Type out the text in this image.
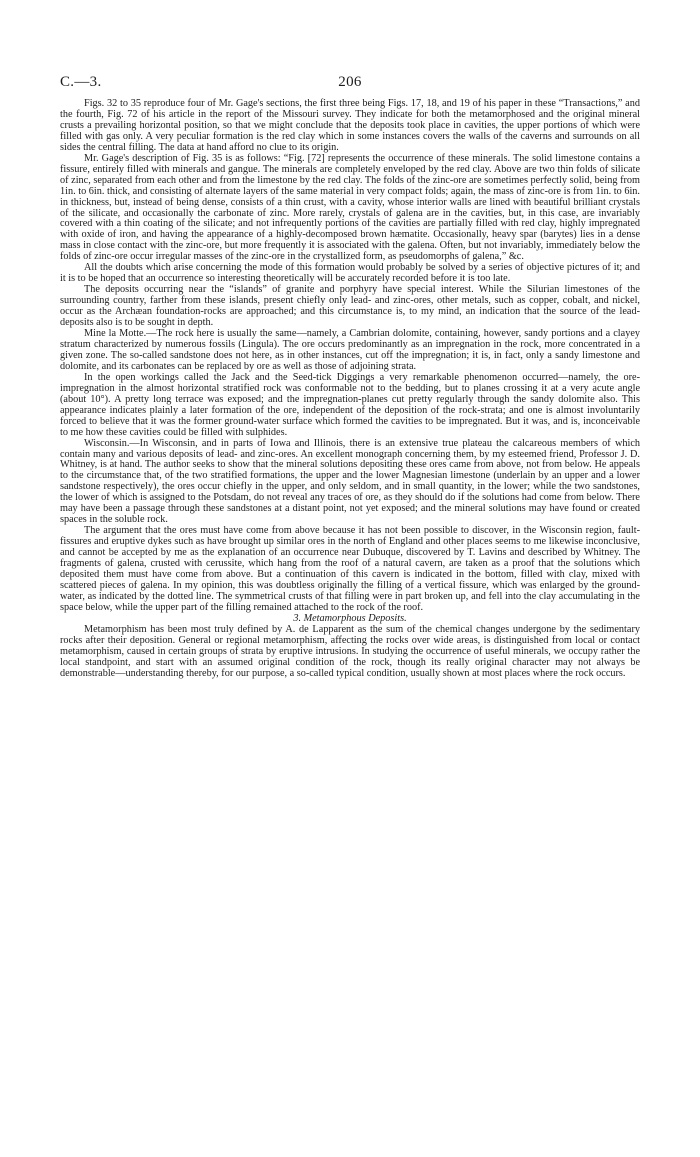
C.—3.	206

Figs. 32 to 35 reproduce four of Mr. Gage's sections, the first three being Figs. 17, 18, and 19 of his paper in these “Transactions,” and the fourth, Fig. 72 of his article in the report of the Missouri survey. They indicate for both the metamorphosed and the original mineral crusts a prevailing horizontal position, so that we might conclude that the deposits took place in cavities, the upper portions of which were filled with gas only. A very peculiar formation is the red clay which in some instances covers the walls of the caverns and surrounds on all sides the central filling. The data at hand afford no clue to its origin.

Mr. Gage's description of Fig. 35 is as follows: “Fig. [72] represents the occurrence of these minerals. The solid limestone contains a fissure, entirely filled with minerals and gangue. The minerals are completely enveloped by the red clay. Above are two thin folds of silicate of zinc, separated from each other and from the limestone by the red clay. The folds of the zinc-ore are sometimes perfectly solid, being from 1in. to 6in. thick, and consisting of alternate layers of the same material in very compact folds; again, the mass of zinc-ore is from 1in. to 6in. in thickness, but, instead of being dense, consists of a thin crust, with a cavity, whose interior walls are lined with beautiful brilliant crystals of the silicate, and occasionally the carbonate of zinc. More rarely, crystals of galena are in the cavities, but, in this case, are invariably covered with a thin coating of the silicate; and not infrequently portions of the cavities are partially filled with red clay, highly impregnated with oxide of iron, and having the appearance of a highly-decomposed brown hæmatite. Occasionally, heavy spar (barytes) lies in a dense mass in close contact with the zinc-ore, but more frequently it is associated with the galena. Often, but not invariably, immediately below the folds of zinc-ore occur irregular masses of the zinc-ore in the crystallized form, as pseudomorphs of galena,” &c.

All the doubts which arise concerning the mode of this formation would probably be solved by a series of objective pictures of it; and it is to be hoped that an occurrence so interesting theoretically will be accurately recorded before it is too late.

The deposits occurring near the “islands” of granite and porphyry have special interest. While the Silurian limestones of the surrounding country, farther from these islands, present chiefly only lead- and zinc-ores, other metals, such as copper, cobalt, and nickel, occur as the Archæan foundation-rocks are approached; and this circumstance is, to my mind, an indication that the source of the lead-deposits also is to be sought in depth.

Mine la Motte.—The rock here is usually the same—namely, a Cambrian dolomite, containing, however, sandy portions and a clayey stratum characterized by numerous fossils (Lingula). The ore occurs predominantly as an impregnation in the rock, more concentrated in a given zone. The so-called sandstone does not here, as in other instances, cut off the impregnation; it is, in fact, only a sandy limestone and dolomite, and its carbonates can be replaced by ore as well as those of adjoining strata.

In the open workings called the Jack and the Seed-tick Diggings a very remarkable phenomenon occurred—namely, the ore-impregnation in the almost horizontal stratified rock was conformable not to the bedding, but to planes crossing it at a very acute angle (about 10°). A pretty long terrace was exposed; and the impregnation-planes cut pretty regularly through the sandy dolomite also. This appearance indicates plainly a later formation of the ore, independent of the deposition of the rock-strata; and one is almost involuntarily forced to believe that it was the former ground-water surface which formed the cavities to be impregnated. But it was, and is, inconceivable to me how these cavities could be filled with sulphides.

Wisconsin.—In Wisconsin, and in parts of Iowa and Illinois, there is an extensive true plateau the calcareous members of which contain many and various deposits of lead- and zinc-ores. An excellent monograph concerning them, by my esteemed friend, Professor J. D. Whitney, is at hand. The author seeks to show that the mineral solutions depositing these ores came from above, not from below. He appeals to the circumstance that, of the two stratified formations, the upper and the lower Magnesian limestone (underlain by an upper and a lower sandstone respectively), the ores occur chiefly in the upper, and only seldom, and in small quantity, in the lower; while the two sandstones, the lower of which is assigned to the Potsdam, do not reveal any traces of ore, as they should do if the solutions had come from below. There may have been a passage through these sandstones at a distant point, not yet exposed; and the mineral solutions may have found or created spaces in the soluble rock.

The argument that the ores must have come from above because it has not been possible to discover, in the Wisconsin region, fault-fissures and eruptive dykes such as have brought up similar ores in the north of England and other places seems to me likewise inconclusive, and cannot be accepted by me as the explanation of an occurrence near Dubuque, discovered by T. Lavins and described by Whitney. The fragments of galena, crusted with cerussite, which hang from the roof of a natural cavern, are taken as a proof that the solutions which deposited them must have come from above. But a continuation of this cavern is indicated in the bottom, filled with clay, mixed with scattered pieces of galena. In my opinion, this was doubtless originally the filling of a vertical fissure, which was enlarged by the ground-water, as indicated by the dotted line. The symmetrical crusts of that filling were in part broken up, and fell into the clay accumulating in the space below, while the upper part of the filling remained attached to the rock of the roof.

3. Metamorphous Deposits.

Metamorphism has been most truly defined by A. de Lapparent as the sum of the chemical changes undergone by the sedimentary rocks after their deposition. General or regional metamorphism, affecting the rocks over wide areas, is distinguished from local or contact metamorphism, caused in certain groups of strata by eruptive intrusions. In studying the occurrence of useful minerals, we occupy rather the local standpoint, and start with an assumed original condition of the rock, though its really original character may not always be demonstrable—understanding thereby, for our purpose, a so-called typical condition, usually shown at most places where the rock occurs.
